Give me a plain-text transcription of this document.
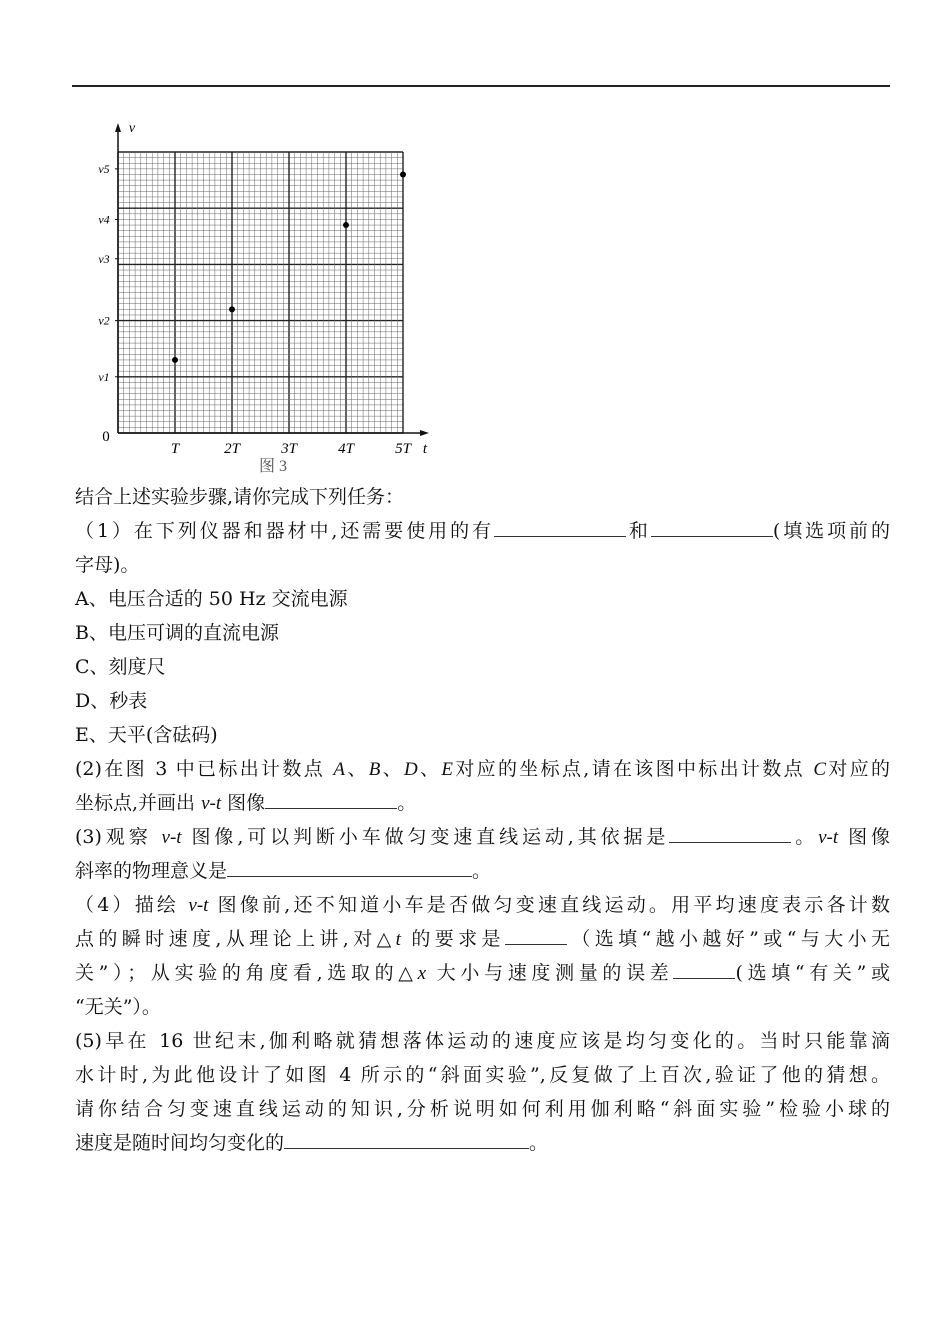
T	2T	3T	4T	5T
v1
v2
v3
v4
v5
0
t
v
图 3
结合上述实验步骤,请你完成下列任务：
（1）在下列仪器和器材中,还需要使用的有	和	(填选项前的
字母)。
A、电压合适的 50 Hz 交流电源
B、电压可调的直流电源
C、刻度尺
D、秒表
E、天平(含砝码)
(2)在图 3 中已标出计数点 A、B、D、E对应的坐标点,请在该图中标出计数点 C对应的
坐标点,并画出 v-t 图像	。
(3)观察 v-t 图像,可以判断小车做匀变速直线运动,其依据是	。v-t 图像
斜率的物理意义是	。
（4）描绘 v-t 图像前,还不知道小车是否做匀变速直线运动。用平均速度表示各计数
点的瞬时速度,从理论上讲,对△t 的要求是	（选填“越小越好”或“与大小无
关”）；从实验的角度看,选取的△x 大小与速度测量的误差	(选填“有关”或
“无关”）。
(5)早在 16 世纪末,伽利略就猜想落体运动的速度应该是均匀变化的。当时只能靠滴
水计时,为此他设计了如图 4 所示的“斜面实验”,反复做了上百次,验证了他的猜想。
请你结合匀变速直线运动的知识,分析说明如何利用伽利略“斜面实验”检验小球的
速度是随时间均匀变化的	。
